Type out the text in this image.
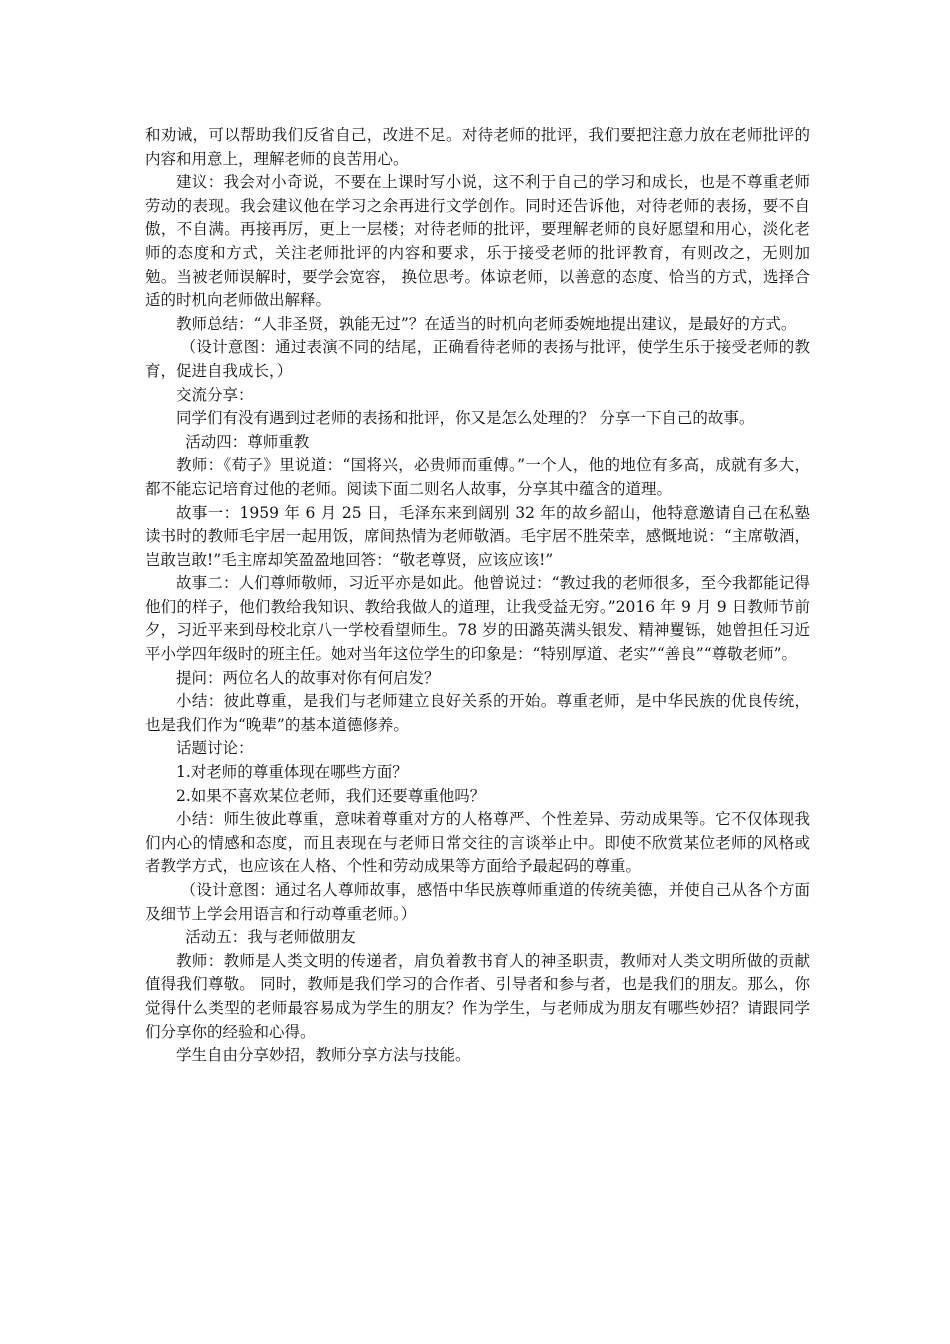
和劝诫，可以帮助我们反省自己，改进不足。对待老师的批评，我们要把注意力放在老师批评的内容和用意上，理解老师的良苦用心。

建议：我会对小奇说，不要在上课时写小说，这不利于自己的学习和成长，也是不尊重老师劳动的表现。我会建议他在学习之余再进行文学创作。同时还告诉他，对待老师的表扬，要不自傲，不自满。再接再厉，更上一层楼；对待老师的批评，要理解老师的良好愿望和用心，淡化老师的态度和方式，关注老师批评的内容和要求，乐于接受老师的批评教育，有则改之，无则加勉。当被老师误解时，要学会宽容， 换位思考。体谅老师，以善意的态度、恰当的方式，选择合适的时机向老师做出解释。

教师总结：“人非圣贤，孰能无过”？在适当的时机向老师委婉地提出建议，是最好的方式。

（设计意图：通过表演不同的结尾，正确看待老师的表扬与批评，使学生乐于接受老师的教育，促进自我成长，）

交流分享：

同学们有没有遇到过老师的表扬和批评，你又是怎么处理的？ 分享一下自己的故事。

活动四：尊师重教

教师：《荀子》里说道：“国将兴，必贵师而重傅。”一个人，他的地位有多高，成就有多大，都不能忘记培育过他的老师。阅读下面二则名人故事，分享其中蕴含的道理。

故事一：1959 年 6 月 25 日，毛泽东来到阔别 32 年的故乡韶山，他特意邀请自己在私塾读书时的教师毛宇居一起用饭，席间热情为老师敬酒。毛宇居不胜荣幸，感慨地说：“主席敬酒，岂敢岂敢!”毛主席却笑盈盈地回答：“敬老尊贤，应该应该!”

故事二：人们尊师敬师，习近平亦是如此。他曾说过：“教过我的老师很多，至今我都能记得他们的样子，他们教给我知识、教给我做人的道理，让我受益无穷。”2016 年 9 月 9 日教师节前夕，习近平来到母校北京八一学校看望师生。78 岁的田潞英满头银发、精神矍铄，她曾担任习近平小学四年级时的班主任。她对当年这位学生的印象是：“特别厚道、老实”“善良”“尊敬老师”。

提问：两位名人的故事对你有何启发？

小结：彼此尊重，是我们与老师建立良好关系的开始。尊重老师，是中华民族的优良传统，也是我们作为“晚辈”的基本道德修养。

话题讨论：

1.对老师的尊重体现在哪些方面？

2.如果不喜欢某位老师，我们还要尊重他吗？

小结：师生彼此尊重，意味着尊重对方的人格尊严、个性差异、劳动成果等。它不仅体现我们内心的情感和态度，而且表现在与老师日常交往的言谈举止中。即使不欣赏某位老师的风格或者教学方式，也应该在人格、个性和劳动成果等方面给予最起码的尊重。

（设计意图：通过名人尊师故事，感悟中华民族尊师重道的传统美德，并使自己从各个方面及细节上学会用语言和行动尊重老师。）

活动五：我与老师做朋友

教师：教师是人类文明的传递者，肩负着教书育人的神圣职责，教师对人类文明所做的贡献值得我们尊敬。 同时，教师是我们学习的合作者、引导者和参与者，也是我们的朋友。那么，你觉得什么类型的老师最容易成为学生的朋友？作为学生，与老师成为朋友有哪些妙招？请跟同学们分享你的经验和心得。

学生自由分享妙招，教师分享方法与技能。
